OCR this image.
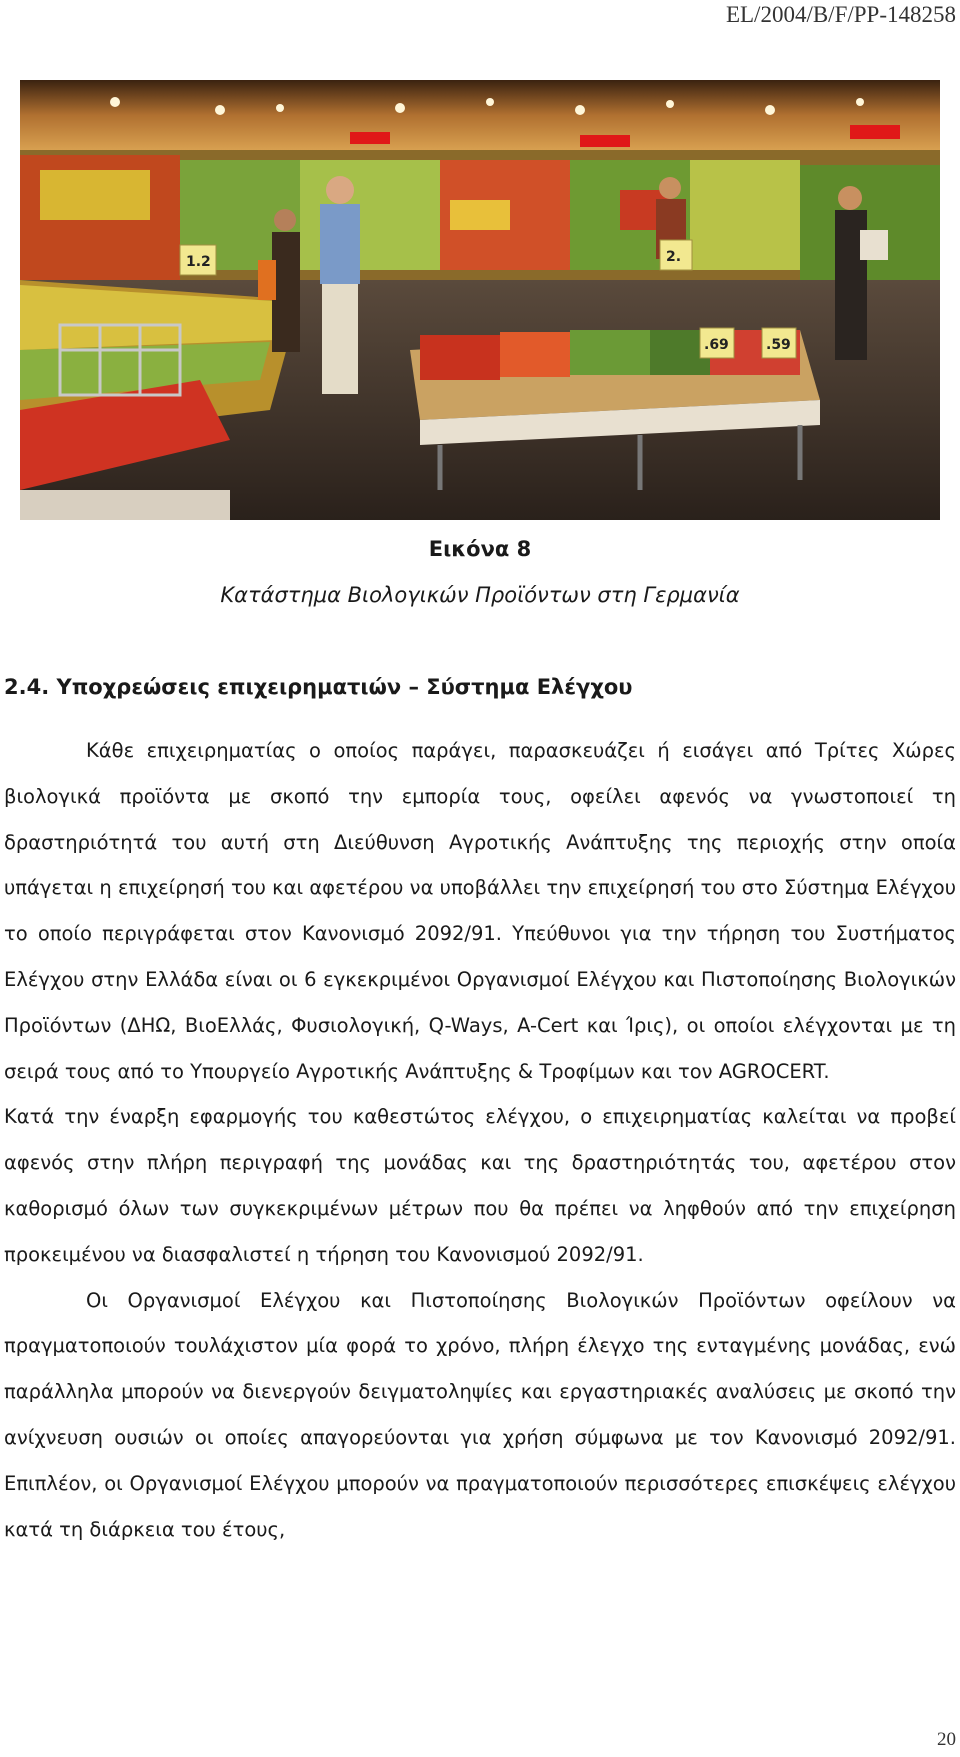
EL/2004/B/F/PP-148258
1.2	2.
.69	.59
Εικόνα 8
Κατάστημα Βιολογικών Προϊόντων στη Γερμανία
2.4. Υποχρεώσεις επιχειρηματιών – Σύστημα Ελέγχου

Κάθε επιχειρηματίας ο οποίος παράγει, παρασκευάζει ή εισάγει από Τρίτες Χώρες βιολογικά προϊόντα με σκοπό την εμπορία τους, οφείλει αφενός να γνωστοποιεί τη δραστηριότητά του αυτή στη Διεύθυνση Αγροτικής Ανάπτυξης της περιοχής στην οποία υπάγεται η επιχείρησή του και αφετέρου να υποβάλλει την επιχείρησή του στο Σύστημα Ελέγχου το οποίο περιγράφεται στον Κανονισμό 2092/91. Υπεύθυνοι για την τήρηση του Συστήματος Ελέγχου στην Ελλάδα είναι οι 6 εγκεκριμένοι Οργανισμοί Ελέγχου και Πιστοποίησης Βιολογικών Προϊόντων (ΔΗΩ, ΒιοΕλλάς, Φυσιολογική, Q-Ways, A-Cert και Ίρις), οι οποίοι ελέγχονται με τη σειρά τους από το Υπουργείο Αγροτικής Ανάπτυξης & Τροφίμων και τον AGROCERT.

Κατά την έναρξη εφαρμογής του καθεστώτος ελέγχου, ο επιχειρηματίας καλείται να προβεί αφενός στην πλήρη περιγραφή της μονάδας και της δραστηριότητάς του, αφετέρου στον καθορισμό όλων των συγκεκριμένων μέτρων που θα πρέπει να ληφθούν από την επιχείρηση προκειμένου να διασφαλιστεί η τήρηση του Κανονισμού 2092/91.

Οι Οργανισμοί Ελέγχου και Πιστοποίησης Βιολογικών Προϊόντων οφείλουν να πραγματοποιούν τουλάχιστον μία φορά το χρόνο, πλήρη έλεγχο της ενταγμένης μονάδας, ενώ παράλληλα μπορούν να διενεργούν δειγματοληψίες και εργαστηριακές αναλύσεις με σκοπό την ανίχνευση ουσιών οι οποίες απαγορεύονται για χρήση σύμφωνα με τον Κανονισμό 2092/91. Επιπλέον, οι Οργανισμοί Ελέγχου μπορούν να πραγματοποιούν περισσότερες επισκέψεις ελέγχου κατά τη διάρκεια του έτους,

20
